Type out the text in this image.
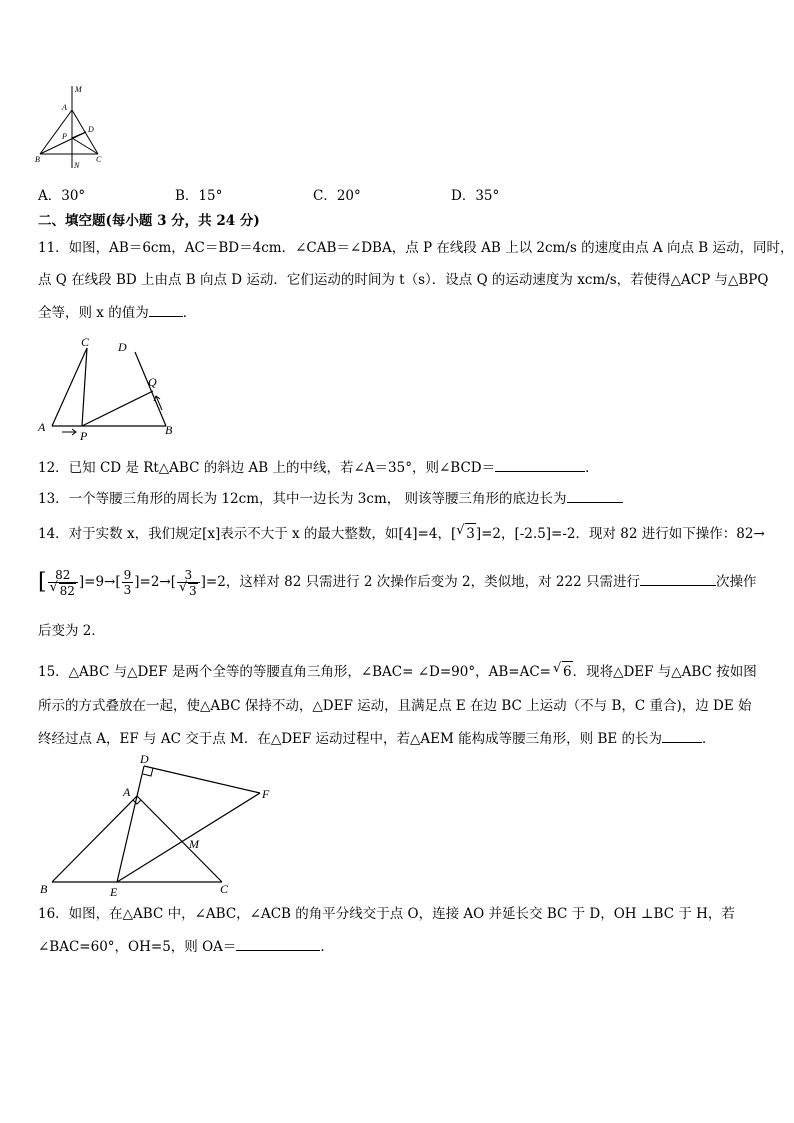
M
A
P
D
B
N
C
A．30°	B．15°	C．20°	D．35°
二、填空题(每小题 3 分，共 24 分)
11．如图，AB＝6cm，AC＝BD＝4cm．∠CAB＝∠DBA，点 P 在线段 AB 上以 2cm/s 的速度由点 A 向点 B 运动，同时，
点 Q 在线段 BD 上由点 B 向点 D 运动．它们运动的时间为 t（s）．设点 Q 的运动速度为 xcm/s，若使得△ACP 与△BPQ
全等，则 x 的值为	．
C D
Q
A
P	B
12．已知 CD 是 Rt△ABC 的斜边 AB 上的中线，若∠A＝35°，则∠BCD＝	．
13．一个等腰三角形的周长为 12cm，其中一边长为 3cm， 则该等腰三角形的底边长为
14．对于实数 x，我们规定[x]表示不大于 x 的最大整数，如[4]=4，[ √ 3]=2，[-2.5]=-2．现对 82 进行如下操作：82→
[ 82
√ 82 ]$=9\to[ \frac{9}{3} ]=2\to$[ 3
√ 3 ]=2，这样对 82 只需进行 2 次操作后变为 2，类似地，对 222 只需进行	次操作
后变为 2．
15．△ABC 与△DEF 是两个全等的等腰直角三角形，∠BAC= ∠D=90°，AB=AC= √ 6．现将△DEF 与△ABC 按如图
所示的方式叠放在一起，使△ABC 保持不动，△DEF 运动，且满足点 E 在边 BC 上运动（不与 B，C 重合)，边 DE 始
终经过点 A，EF 与 AC 交于点 M．在△DEF 运动过程中，若△AEM 能构成等腰三角形，则 BE 的长为	．
D
A	F
M
B	E	C
16．如图，在△ABC 中，∠ABC，∠ACB 的角平分线交于点 O，连接 AO 并延长交 BC 于 D，OH ⊥BC 于 H，若
∠BAC=60°，OH=5，则 OA＝	.
